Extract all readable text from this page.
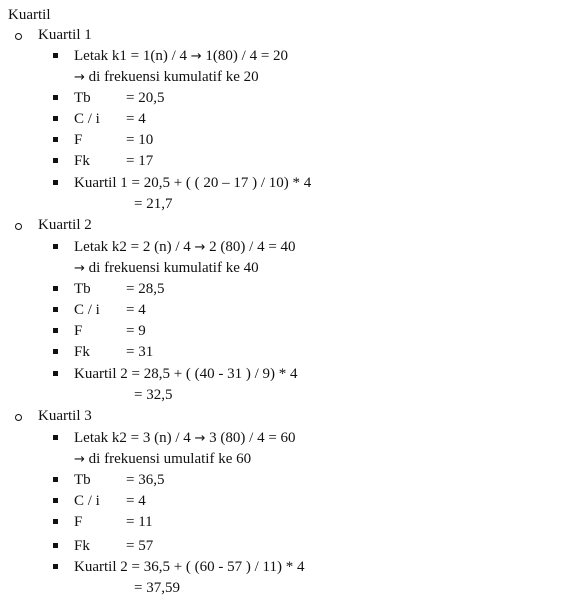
Kuartil
Kuartil 1
Letak k1 = 1(n) / 4 → 1(80) / 4 = 20
→ di frekuensi kumulatif ke 20
Tb = 20,5
C / i = 4
F	= 10
Fk = 17
Kuartil 1 = 20,5 + ( ( 20 – 17 ) / 10) * 4
= 21,7
Kuartil 2
Letak k2 = 2 (n) / 4 → 2 (80) / 4 = 40
→ di frekuensi kumulatif ke 40
Tb = 28,5
C / i = 4
F	= 9
Fk = 31
Kuartil 2 = 28,5 + ( (40 - 31 ) / 9) * 4
= 32,5
Kuartil 3
Letak k2 = 3 (n) / 4 → 3 (80) / 4 = 60
→ di frekuensi umulatif ke 60
Tb = 36,5
C / i = 4
F	= 11
Fk = 57
Kuartil 2 = 36,5 + ( (60 - 57 ) / 11) * 4
= 37,59
